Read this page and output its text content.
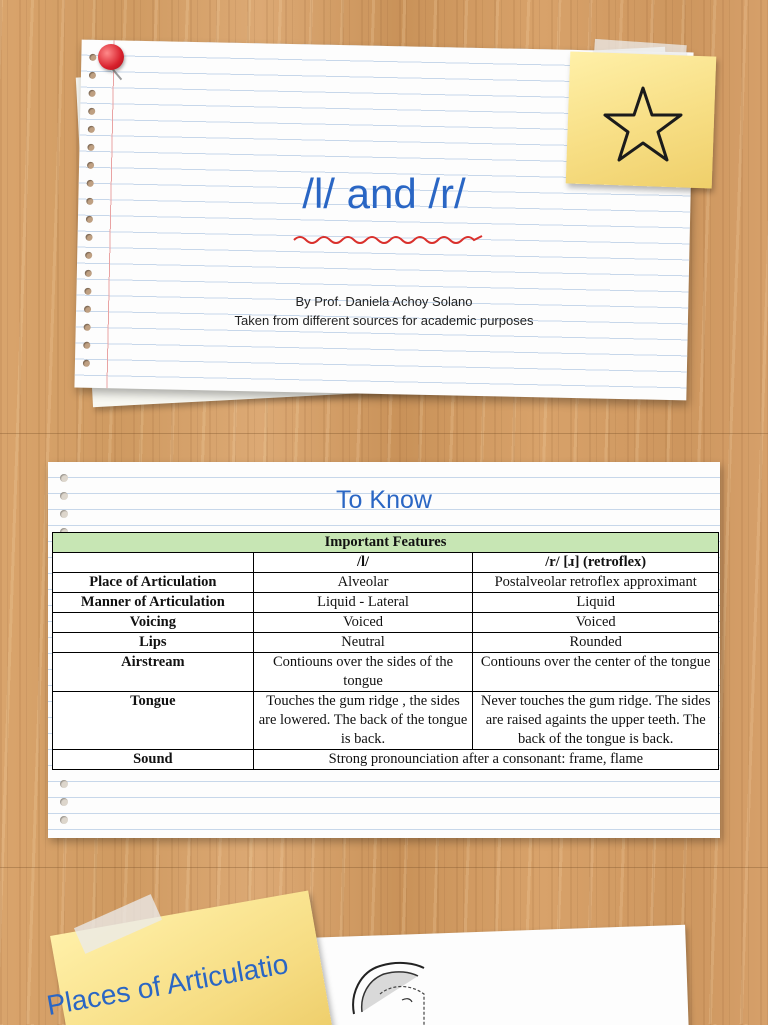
/l/ and /r/
By Prof. Daniela Achoy Solano
Taken from different sources for academic purposes
To Know
Important Features		
	/l/	/r/ [ɹ] (retroflex)
Place of Articulation	Alveolar	Postalveolar retroflex approximant
Manner of Articulation	Liquid - Lateral	Liquid
Voicing	Voiced	Voiced
Lips	Neutral	Rounded
Airstream	Contiouns over the sides of the tongue	Contiouns over the center of the tongue
Tongue	Touches the gum ridge , the sides are lowered. The back of the tongue is back.	Never touches the gum ridge. The sides are raised againts the upper teeth. The back of the tongue is back.
Sound	Strong pronounciation after a consonant: frame, flame	
Places of Articulatio
